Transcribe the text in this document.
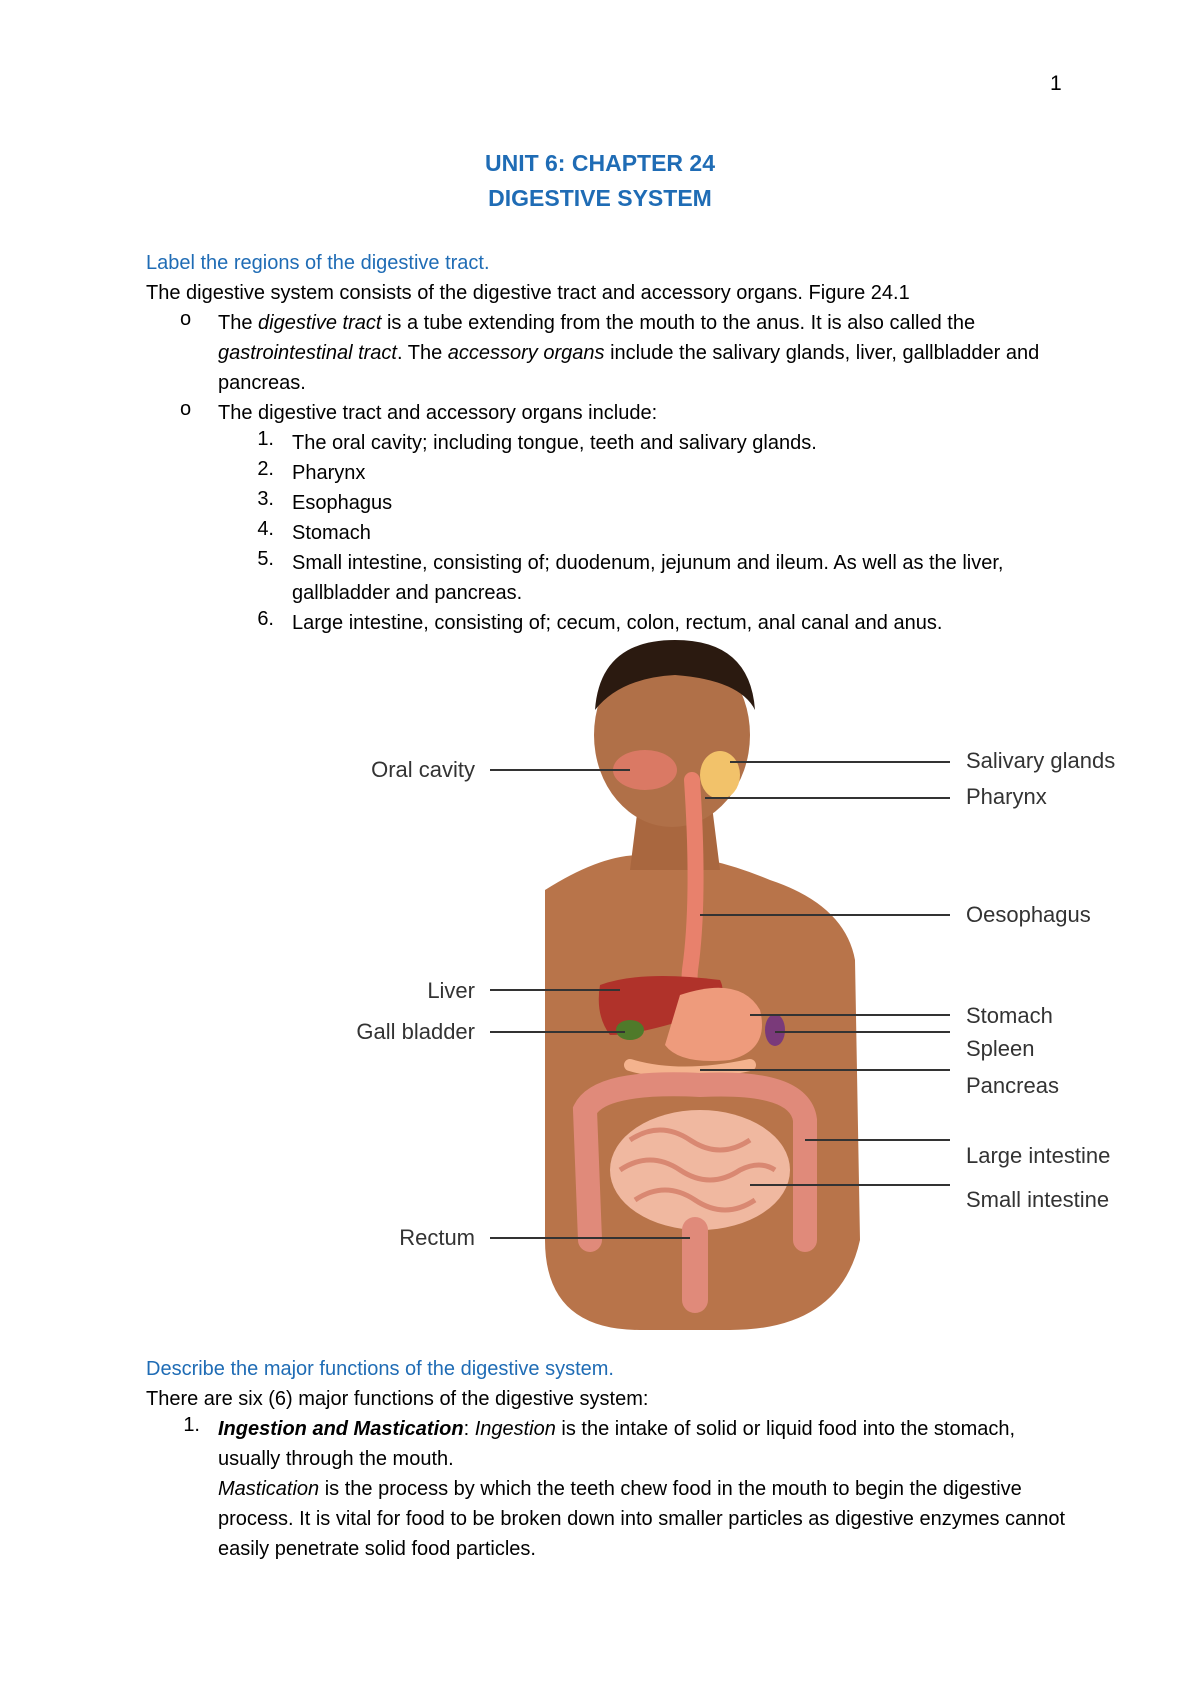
1
UNIT 6: CHAPTER 24
DIGESTIVE SYSTEM
Label the regions of the digestive tract.
The digestive system consists of the digestive tract and accessory organs. Figure 24.1
o The digestive tract is a tube extending from the mouth to the anus. It is also called the gastrointestinal tract. The accessory organs include the salivary glands, liver, gallbladder and pancreas.
o The digestive tract and accessory organs include:
1. The oral cavity; including tongue, teeth and salivary glands.
2. Pharynx
3. Esophagus
4. Stomach
5. Small intestine, consisting of; duodenum, jejunum and ileum. As well as the liver, gallbladder and pancreas.
6. Large intestine, consisting of; cecum, colon, rectum, anal canal and anus.
Oral cavity
Liver
Gall bladder
Rectum
Salivary glands
Pharynx
Oesophagus
Stomach
Spleen
Pancreas
Large intestine
Small intestine
Describe the major functions of the digestive system.
There are six (6) major functions of the digestive system:
1. Ingestion and Mastication: Ingestion is the intake of solid or liquid food into the stomach, usually through the mouth.
Mastication is the process by which the teeth chew food in the mouth to begin the digestive process. It is vital for food to be broken down into smaller particles as digestive enzymes cannot easily penetrate solid food particles.
